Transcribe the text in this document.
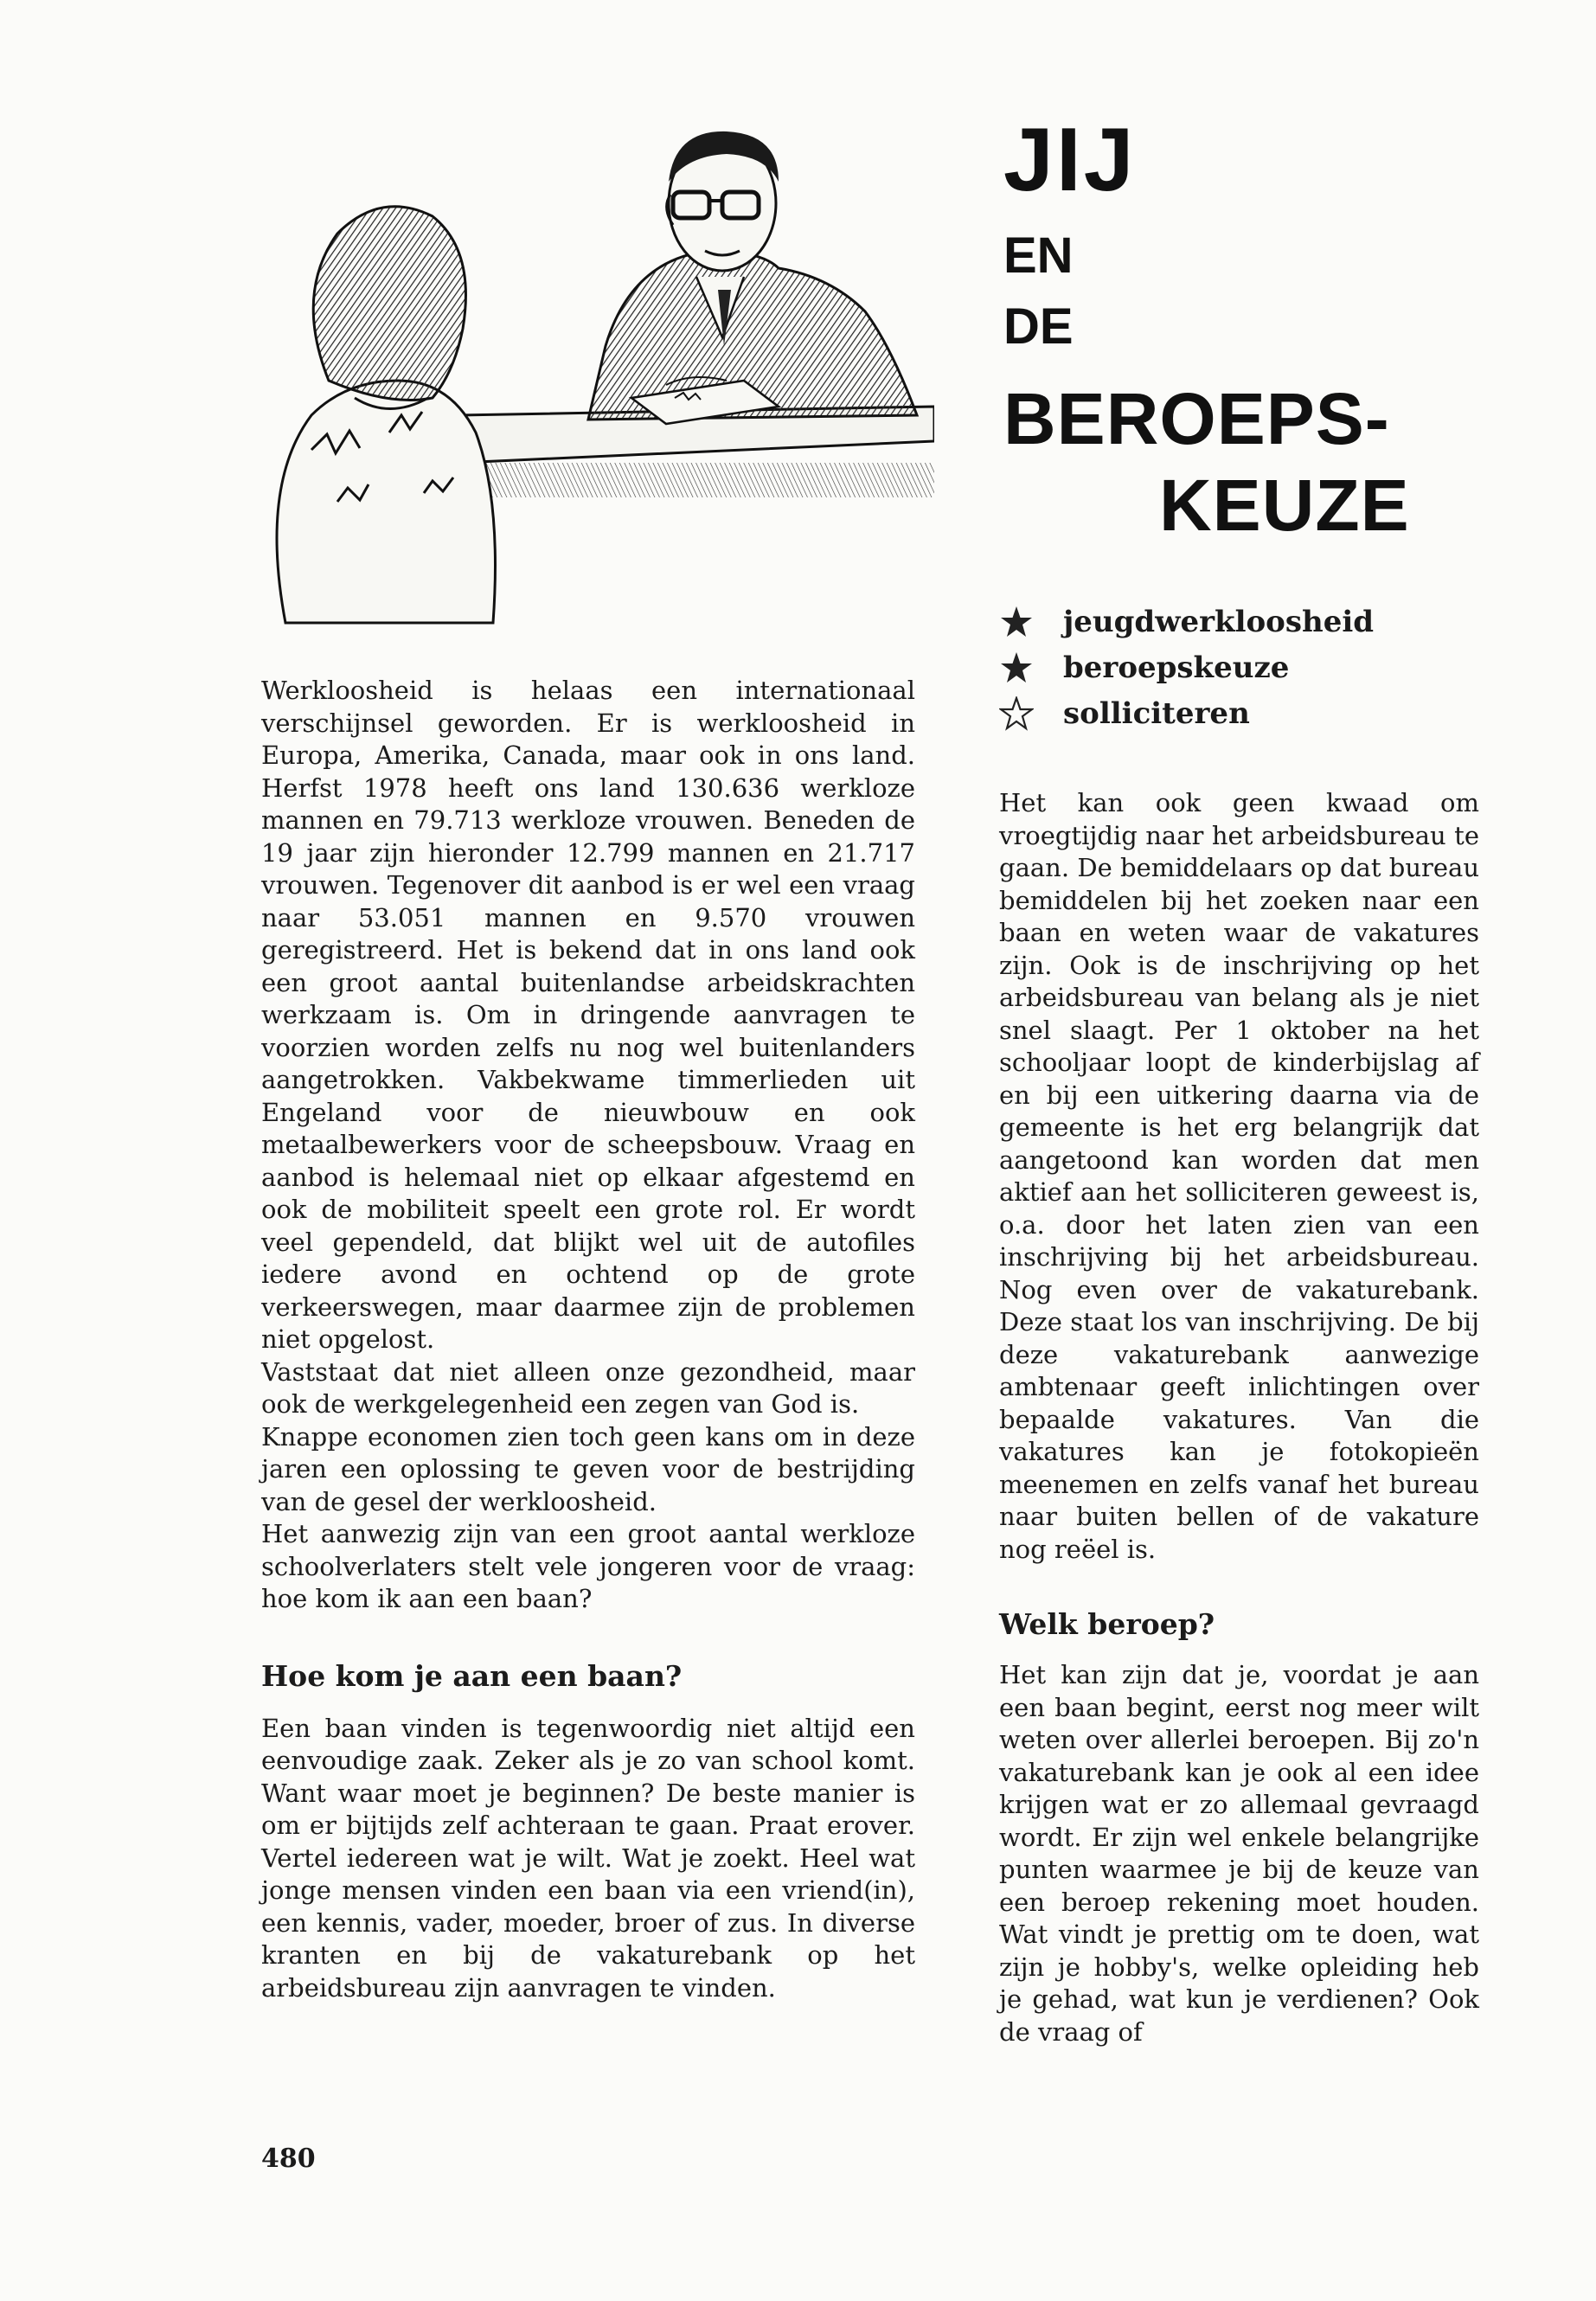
JIJ
EN
DE
BEROEPS-
KEUZE
jeugdwerkloosheid
beroepskeuze
solliciteren

Werkloosheid is helaas een internationaal verschijnsel geworden. Er is werkloosheid in Europa, Amerika, Canada, maar ook in ons land. Herfst 1978 heeft ons land 130.636 werkloze mannen en 79.713 werkloze vrouwen. Beneden de 19 jaar zijn hieronder 12.799 mannen en 21.717 vrouwen. Tegenover dit aanbod is er wel een vraag naar 53.051 mannen en 9.570 vrouwen geregistreerd. Het is bekend dat in ons land ook een groot aantal buitenlandse arbeidskrachten werkzaam is. Om in dringende aanvragen te voorzien worden zelfs nu nog wel buitenlanders aangetrokken. Vakbekwame timmerlieden uit Engeland voor de nieuwbouw en ook metaalbewerkers voor de scheepsbouw. Vraag en aanbod is helemaal niet op elkaar afgestemd en ook de mobiliteit speelt een grote rol. Er wordt veel gependeld, dat blijkt wel uit de autofiles iedere avond en ochtend op de grote verkeerswegen, maar daarmee zijn de problemen niet opgelost.

Vaststaat dat niet alleen onze gezondheid, maar ook de werkgelegenheid een zegen van God is.

Knappe economen zien toch geen kans om in deze jaren een oplossing te geven voor de bestrijding van de gesel der werkloosheid.

Het aanwezig zijn van een groot aantal werkloze schoolverlaters stelt vele jongeren voor de vraag: hoe kom ik aan een baan?

Hoe kom je aan een baan?

Een baan vinden is tegenwoordig niet altijd een eenvoudige zaak. Zeker als je zo van school komt. Want waar moet je beginnen? De beste manier is om er bijtijds zelf achteraan te gaan. Praat erover. Vertel iedereen wat je wilt. Wat je zoekt. Heel wat jonge mensen vinden een baan via een vriend(in), een kennis, vader, moeder, broer of zus. In diverse kranten en bij de vakaturebank op het arbeidsbureau zijn aanvragen te vinden.

Het kan ook geen kwaad om vroegtijdig naar het arbeidsbureau te gaan. De bemiddelaars op dat bureau bemiddelen bij het zoeken naar een baan en weten waar de vakatures zijn. Ook is de inschrijving op het arbeidsbureau van belang als je niet snel slaagt. Per 1 oktober na het schooljaar loopt de kinderbijslag af en bij een uitkering daarna via de gemeente is het erg belangrijk dat aangetoond kan worden dat men aktief aan het solliciteren geweest is, o.a. door het laten zien van een inschrijving bij het arbeidsbureau. Nog even over de vakaturebank. Deze staat los van inschrijving. De bij deze vakaturebank aanwezige ambtenaar geeft inlichtingen over bepaalde vakatures. Van die vakatures kan je fotokopieën meenemen en zelfs vanaf het bureau naar buiten bellen of de vakature nog reëel is.

Welk beroep?

Het kan zijn dat je, voordat je aan een baan begint, eerst nog meer wilt weten over allerlei beroepen. Bij zo'n vakaturebank kan je ook al een idee krijgen wat er zo allemaal gevraagd wordt. Er zijn wel enkele belangrijke punten waarmee je bij de keuze van een beroep rekening moet houden. Wat vindt je prettig om te doen, wat zijn je hobby's, welke opleiding heb je gehad, wat kun je verdienen? Ook de vraag of

480
